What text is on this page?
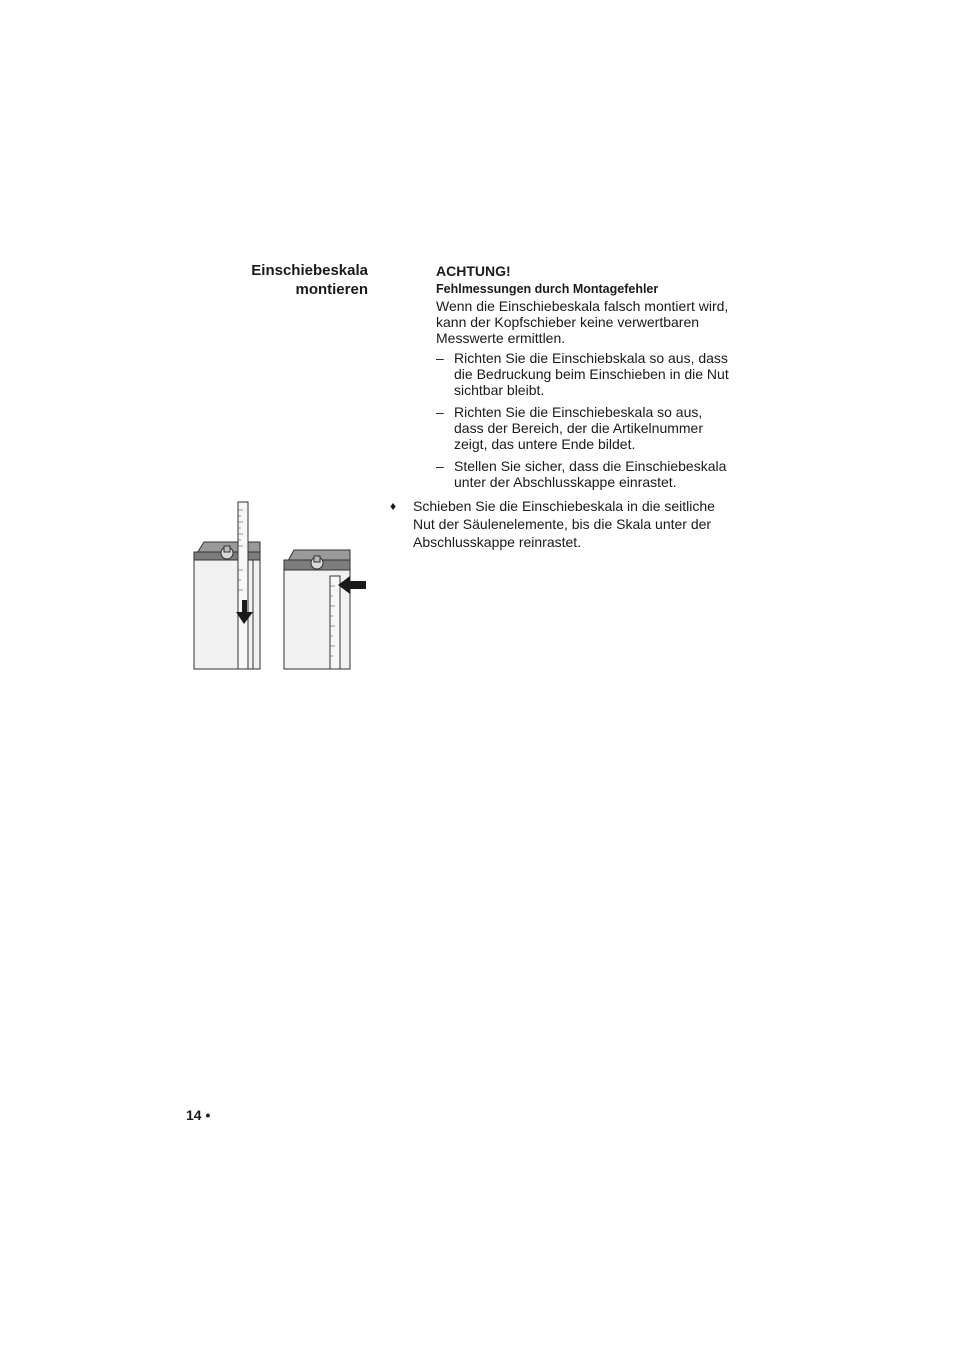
Einschiebeskala
montieren
ACHTUNG!
Fehlmessungen durch Montagefehler
Wenn die Einschiebeskala falsch montiert wird, kann der Kopfschieber keine verwertbaren Messwerte ermittlen.
– Richten Sie die Einschiebskala so aus, dass die Bedruckung beim Einschieben in die Nut sichtbar bleibt.
– Richten Sie die Einschiebeskala so aus, dass der Bereich, der die Artikelnummer zeigt, das untere Ende bildet.
– Stellen Sie sicher, dass die Einschiebeskala unter der Abschlusskappe einrastet.
♦ Schieben Sie die Einschiebeskala in die seitliche Nut der Säulenelemente, bis die Skala unter der Abschlusskappe reinrastet.
14 •
